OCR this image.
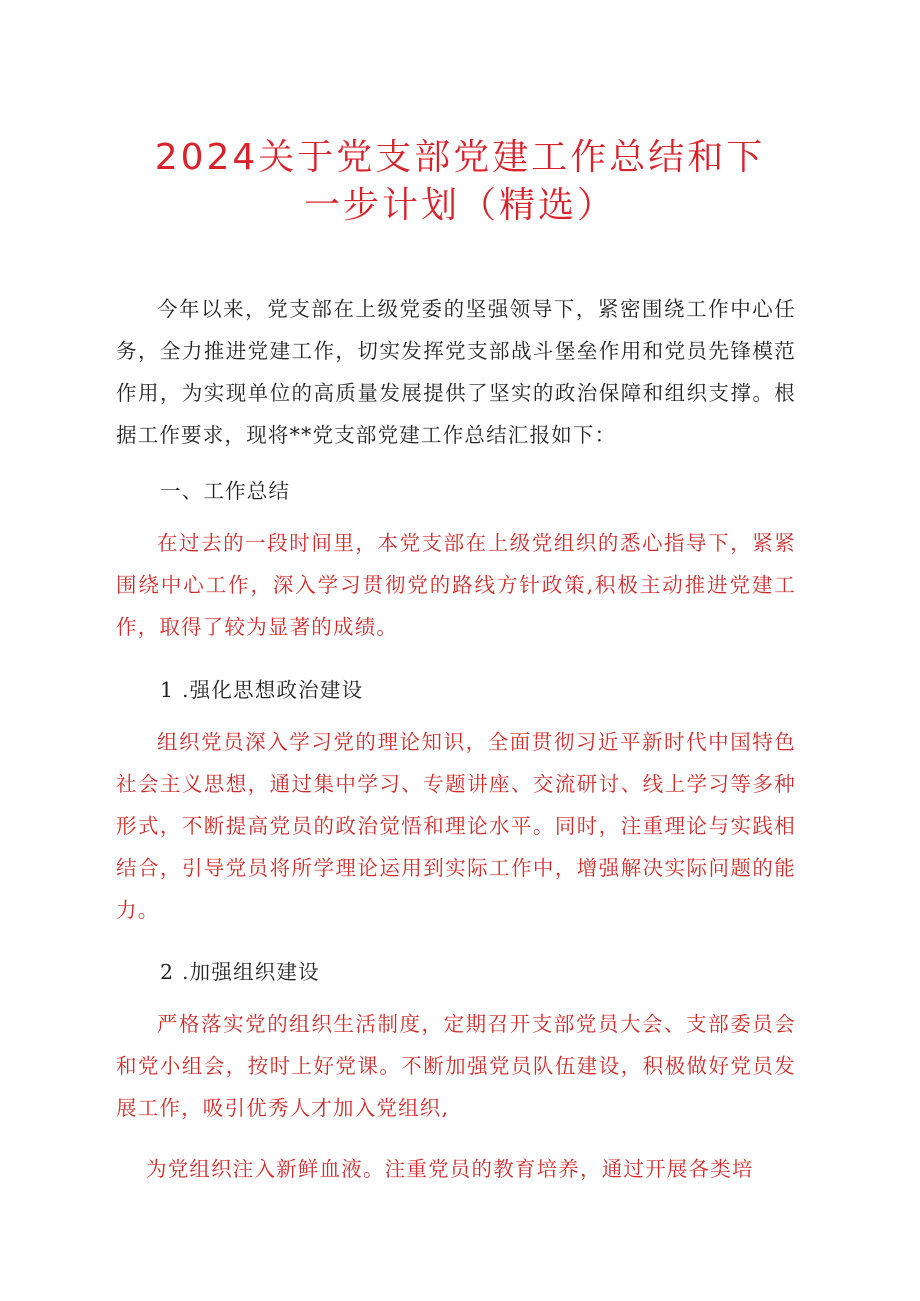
2024关于党支部党建工作总结和下
一步计划（精选）

今年以来，党支部在上级党委的坚强领导下，紧密围绕工作中心任务，全力推进党建工作，切实发挥党支部战斗堡垒作用和党员先锋模范作用，为实现单位的高质量发展提供了坚实的政治保障和组织支撑。根据工作要求，现将**党支部党建工作总结汇报如下：

一、工作总结

在过去的一段时间里，本党支部在上级党组织的悉心指导下，紧紧围绕中心工作，深入学习贯彻党的路线方针政策,积极主动推进党建工作，取得了较为显著的成绩。

1 .强化思想政治建设

组织党员深入学习党的理论知识，全面贯彻习近平新时代中国特色社会主义思想，通过集中学习、专题讲座、交流研讨、线上学习等多种形式，不断提高党员的政治觉悟和理论水平。同时，注重理论与实践相结合，引导党员将所学理论运用到实际工作中，增强解决实际问题的能力。

2 .加强组织建设

严格落实党的组织生活制度，定期召开支部党员大会、支部委员会和党小组会，按时上好党课。不断加强党员队伍建设，积极做好党员发展工作，吸引优秀人才加入党组织,

为党组织注入新鲜血液。注重党员的教育培养，通过开展各类培
